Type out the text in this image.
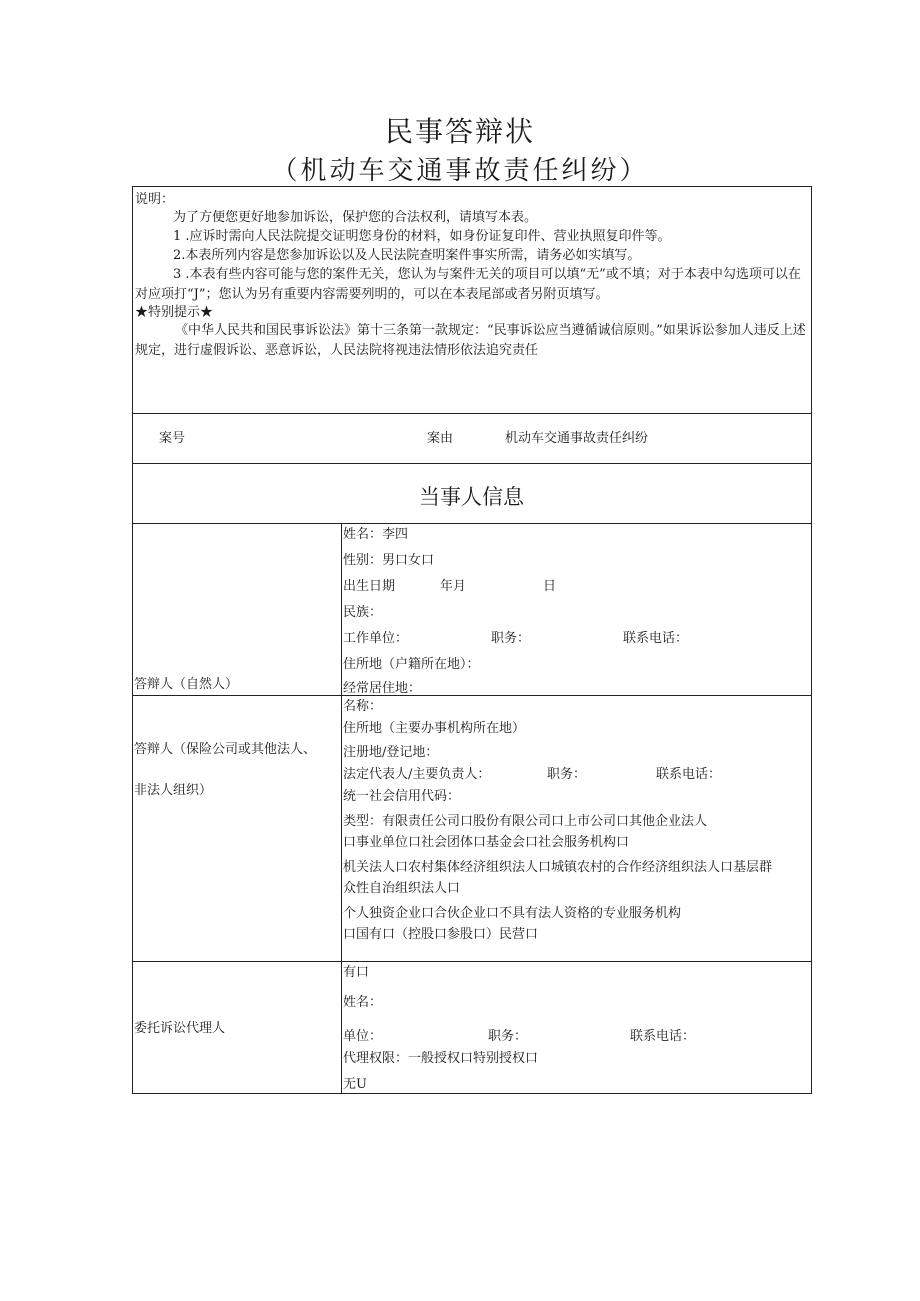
民事答辩状
（机动车交通事故责任纠纷）
说明：
为了方便您更好地参加诉讼，保护您的合法权利，请填写本表。
1 .应诉时需向人民法院提交证明您身份的材料，如身份证复印件、营业执照复印件等。
2.本表所列内容是您参加诉讼以及人民法院查明案件事实所需，请务必如实填写。
3 .本表有些内容可能与您的案件无关，您认为与案件无关的项目可以填“无”或不填；对于本表中勾选项可以在对应项打“J”；您认为另有重要内容需要列明的，可以在本表尾部或者另附页填写。
★特别提示★
《中华人民共和国民事诉讼法》第十三条第一款规定：“民事诉讼应当遵循诚信原则。”如果诉讼参加人违反上述规定，进行虚假诉讼、恶意诉讼，人民法院将视违法情形依法追究责任
案号	案由	机动车交通事故责任纠纷
当事人信息
答辩人（自然人）
姓名：李四
性别：男口女口
出生日期	年月	日
民族：
工作单位：	职务：	联系电话：
住所地（户籍所在地）：
经常居住地：
答辩人（保险公司或其他法人、
非法人组织）
名称：
住所地（主要办事机构所在地）
注册地/登记地：
法定代表人/主要负责人：	职务：	联系电话：
统一社会信用代码：
类型：有限责任公司口股份有限公司口上市公司口其他企业法人
口事业单位口社会团体口基金会口社会服务机构口
机关法人口农村集体经济组织法人口城镇农村的合作经济组织法人口基层群
众性自治组织法人口
个人独资企业口合伙企业口不具有法人资格的专业服务机构
口国有口（控股口参股口）民营口
委托诉讼代理人
有口
姓名：
单位：	职务：	联系电话：
代理权限：一般授权口特别授权口
无U
